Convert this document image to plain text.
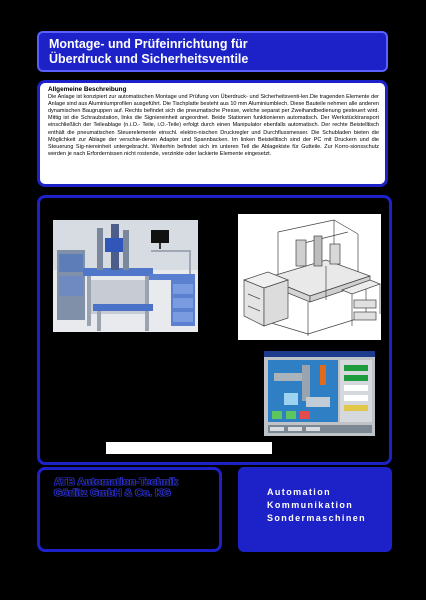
Montage- und Prüfeinrichtung für
Überdruck und Sicherheitsventile
Allgemeine Beschreibung
Die Anlage ist konzipiert zur automatischen Montage und Prüfung von Überdruck- und Sicherheitsventi-len.Die tragenden Elemente der Anlage sind aus Aluminiumprofilen ausgeführt. Die Tischplatte besteht aus 10 mm Aluminiumblech. Diese Bauteile nehmen alle anderen dynamischen Baugruppen auf. Rechts befindet sich die pneumatische Presse, welche separat per Zweihandbedienung gesteuert wird. Mittig ist die Schraubstation, links die Signiereinheit angeordnet. Beide Stationen funktionieren automatisch. Der Werkstücktransport einschließlich der Teileablage (n.i.O.- Teile, i.O.-Teile) erfolgt durch einen Manipulator ebenfalls automatisch. Der rechte Beistelltisch enthält die pneumatischen Steuerelemente einschl. elektro-nischen Druckregler und Durchflussmesser. Die Schubladen bieten die Möglichkeit zur Ablage der verschie-denen Adapter und Spannbacken. Im linken Beistelltisch sind der PC mit Druckern und die Steuerung Sig-niereinheit untergebracht. Weiterhin befindet sich im unteren Teil die Ablagekiste für Gutteile. Zur Korro-sionsschutz werden je nach Erfordernissen nicht rostende, verzinkte oder lackierte Elemente eingesetzt.
ATB Automation-Technik
Görlitz GmbH & Co. KG	Automation
Kommunikation
Sondermaschinen
